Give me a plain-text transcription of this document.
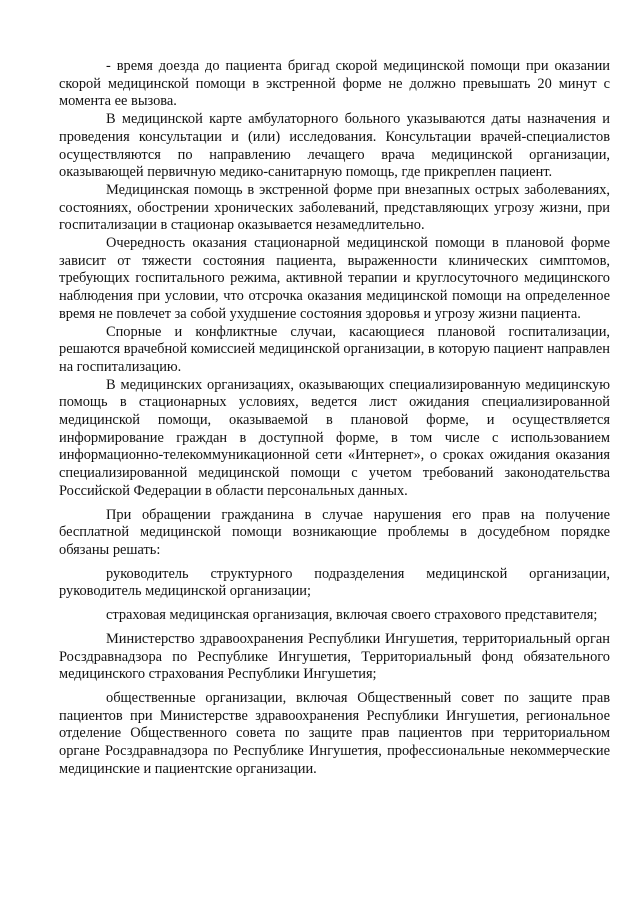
- время доезда до пациента бригад скорой медицинской помощи при оказании скорой медицинской помощи в экстренной форме не должно превышать 20 минут с момента ее вызова.

В медицинской карте амбулаторного больного указываются даты назначения и проведения консультации и (или) исследования. Консультации врачей-специалистов осуществляются по направлению лечащего врача медицинской организации, оказывающей первичную медико-санитарную помощь, где прикреплен пациент.

Медицинская помощь в экстренной форме при внезапных острых заболеваниях, состояниях, обострении хронических заболеваний, представляющих угрозу жизни, при госпитализации в стационар оказывается незамедлительно.

Очередность оказания стационарной медицинской помощи в плановой форме зависит от тяжести состояния пациента, выраженности клинических симптомов, требующих госпитального режима, активной терапии и круглосуточного медицинского наблюдения при условии, что отсрочка оказания медицинской помощи на определенное время не повлечет за собой ухудшение состояния здоровья и угрозу жизни пациента.

Спорные и конфликтные случаи, касающиеся плановой госпитализации, решаются врачебной комиссией медицинской организации, в которую пациент направлен на госпитализацию.

В медицинских организациях, оказывающих специализированную медицинскую помощь в стационарных условиях, ведется лист ожидания специализированной медицинской помощи, оказываемой в плановой форме, и осуществляется информирование граждан в доступной форме, в том числе с использованием информационно-телекоммуникационной сети «Интернет», о сроках ожидания оказания специализированной медицинской помощи с учетом требований законодательства Российской Федерации в области персональных данных.

При обращении гражданина в случае нарушения его прав на получение бесплатной медицинской помощи возникающие проблемы в досудебном порядке обязаны решать:

руководитель структурного подразделения медицинской организации, руководитель медицинской организации;

страховая медицинская организация, включая своего страхового представителя;

Министерство здравоохранения Республики Ингушетия, территориальный орган Росздравнадзора по Республике Ингушетия, Территориальный фонд обязательного медицинского страхования Республики Ингушетия;

общественные организации, включая Общественный совет по защите прав пациентов при Министерстве здравоохранения Республики Ингушетия, региональное отделение Общественного совета по защите прав пациентов при территориальном органе Росздравнадзора по Республике Ингушетия, профессиональные некоммерческие медицинские и пациентские организации.
